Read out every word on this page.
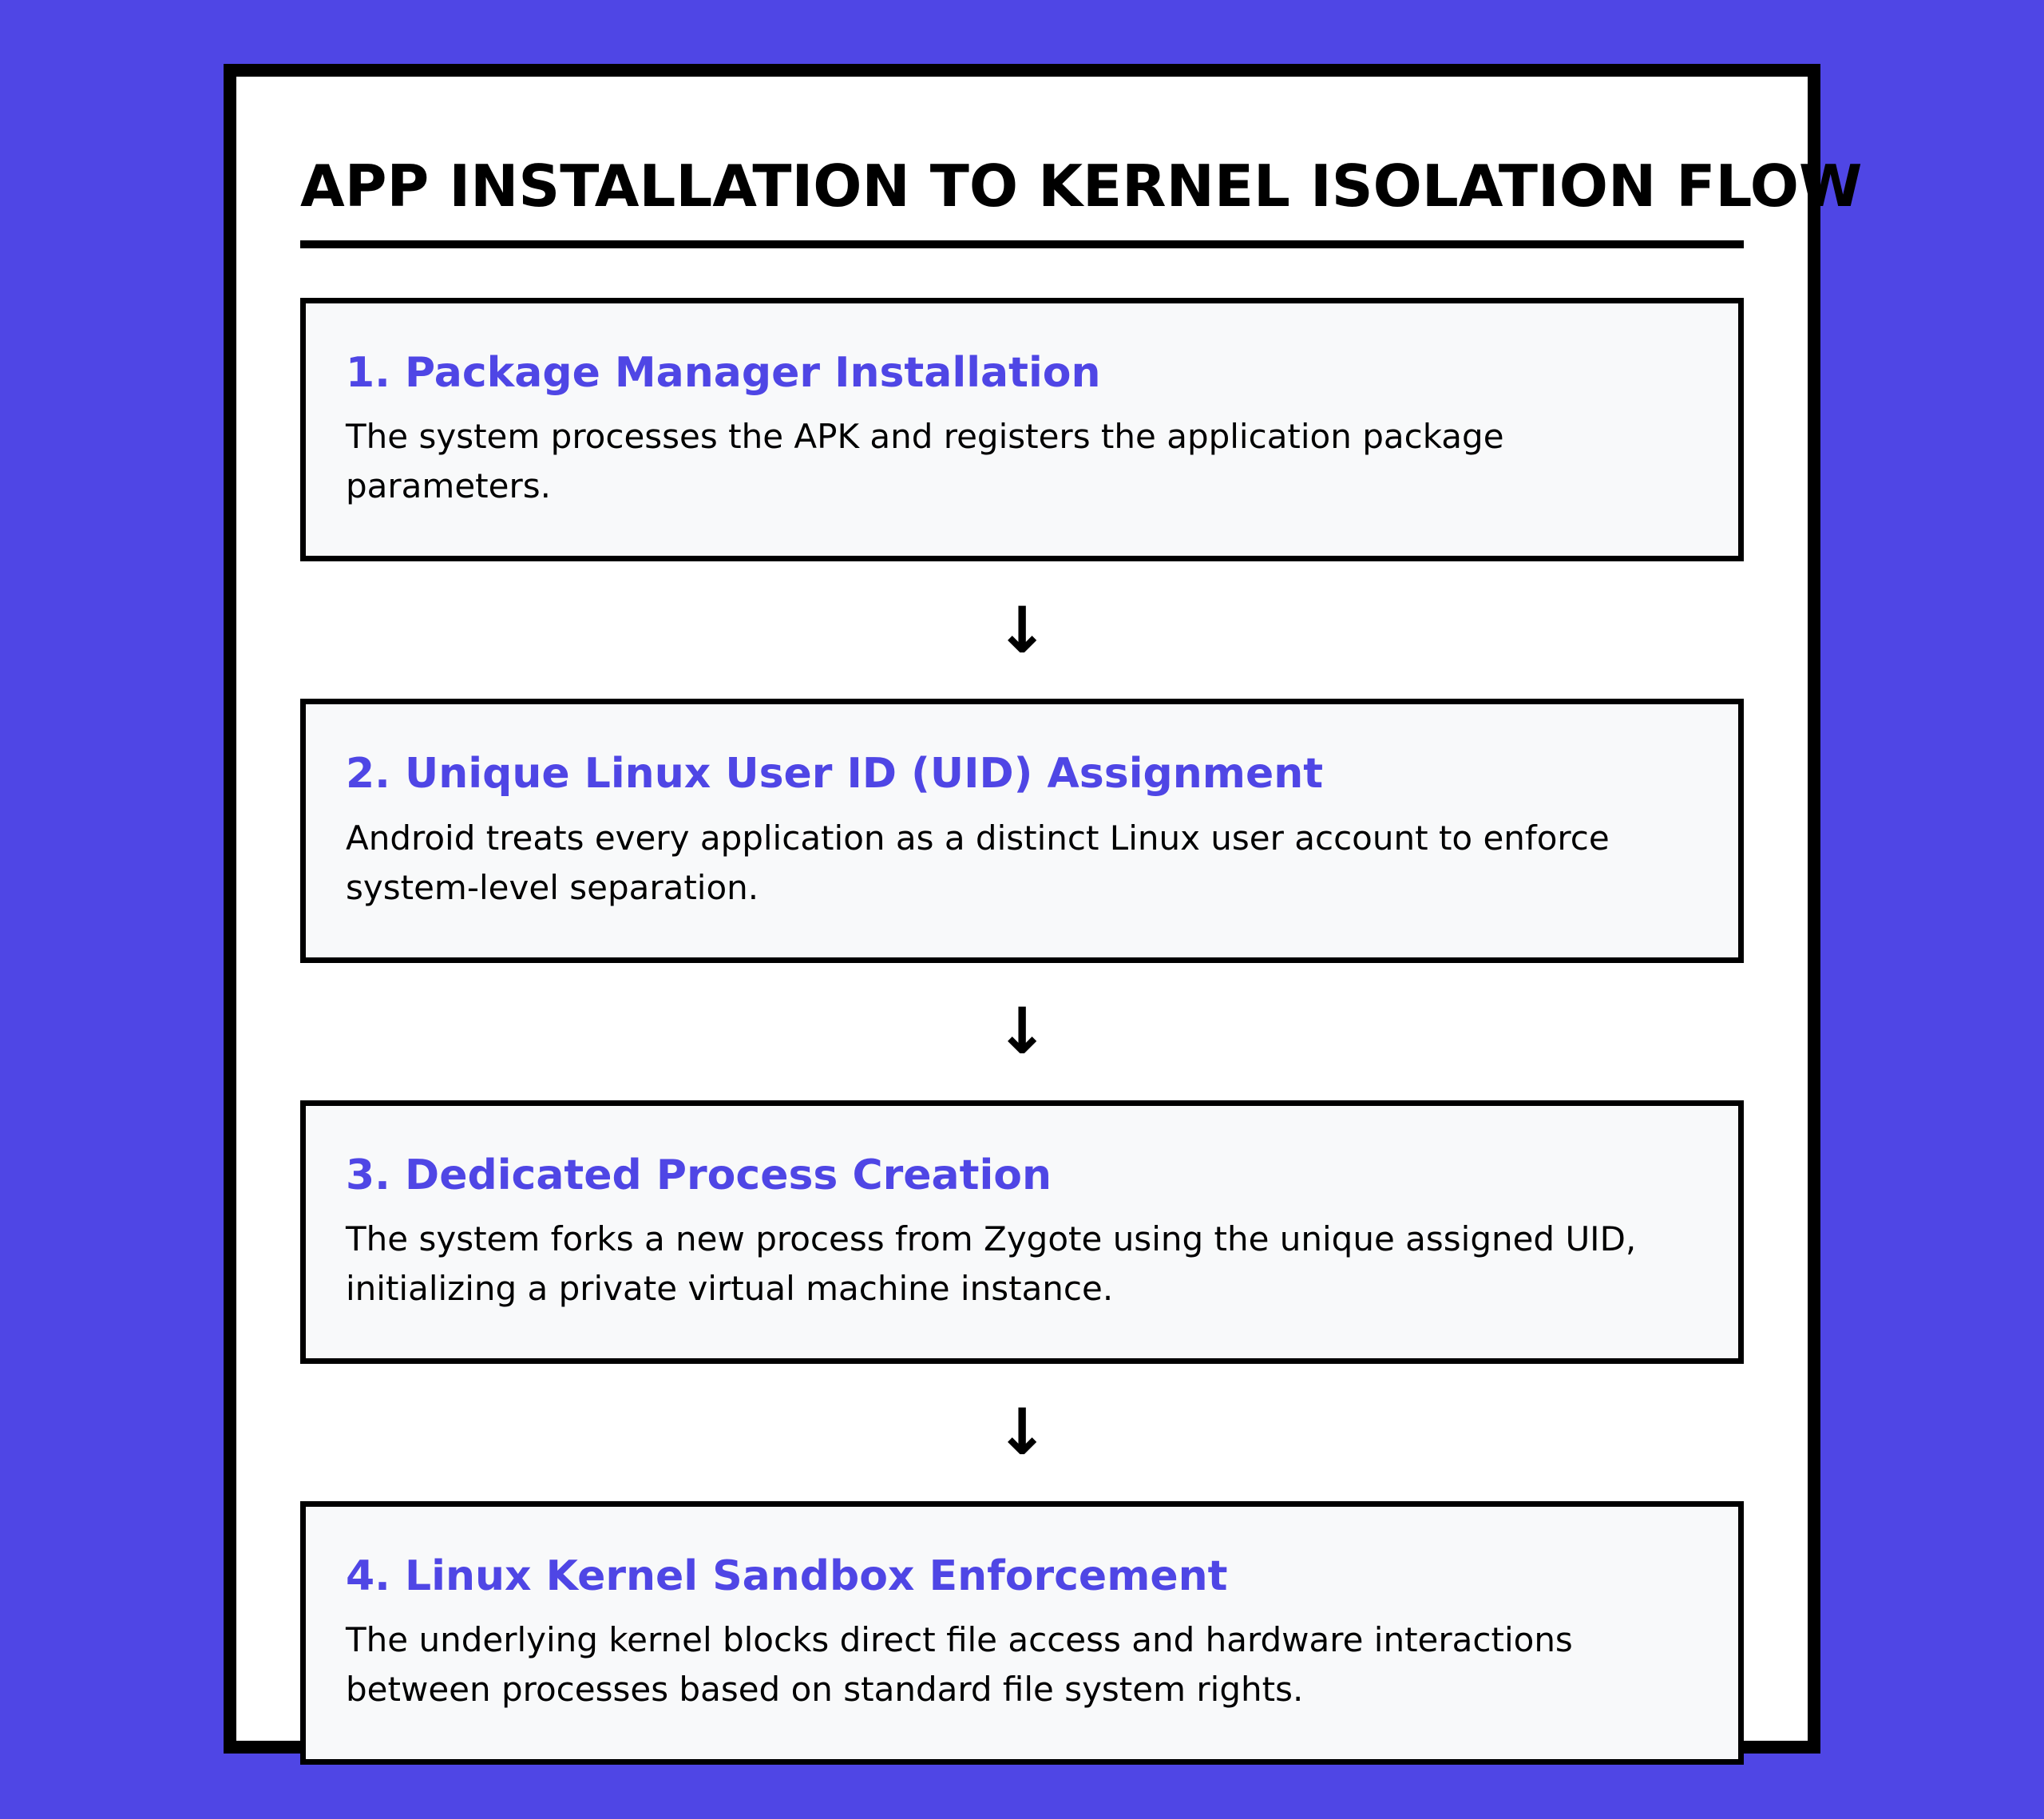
APP INSTALLATION TO KERNEL ISOLATION FLOW
1. Package Manager Installation
The system processes the APK and registers the application package parameters.
↓
2. Unique Linux User ID (UID) Assignment
Android treats every application as a distinct Linux user account to enforce system-level separation.
↓
3. Dedicated Process Creation
The system forks a new process from Zygote using the unique assigned UID, initializing a private virtual machine instance.
↓
4. Linux Kernel Sandbox Enforcement
The underlying kernel blocks direct file access and hardware interactions between processes based on standard file system rights.
